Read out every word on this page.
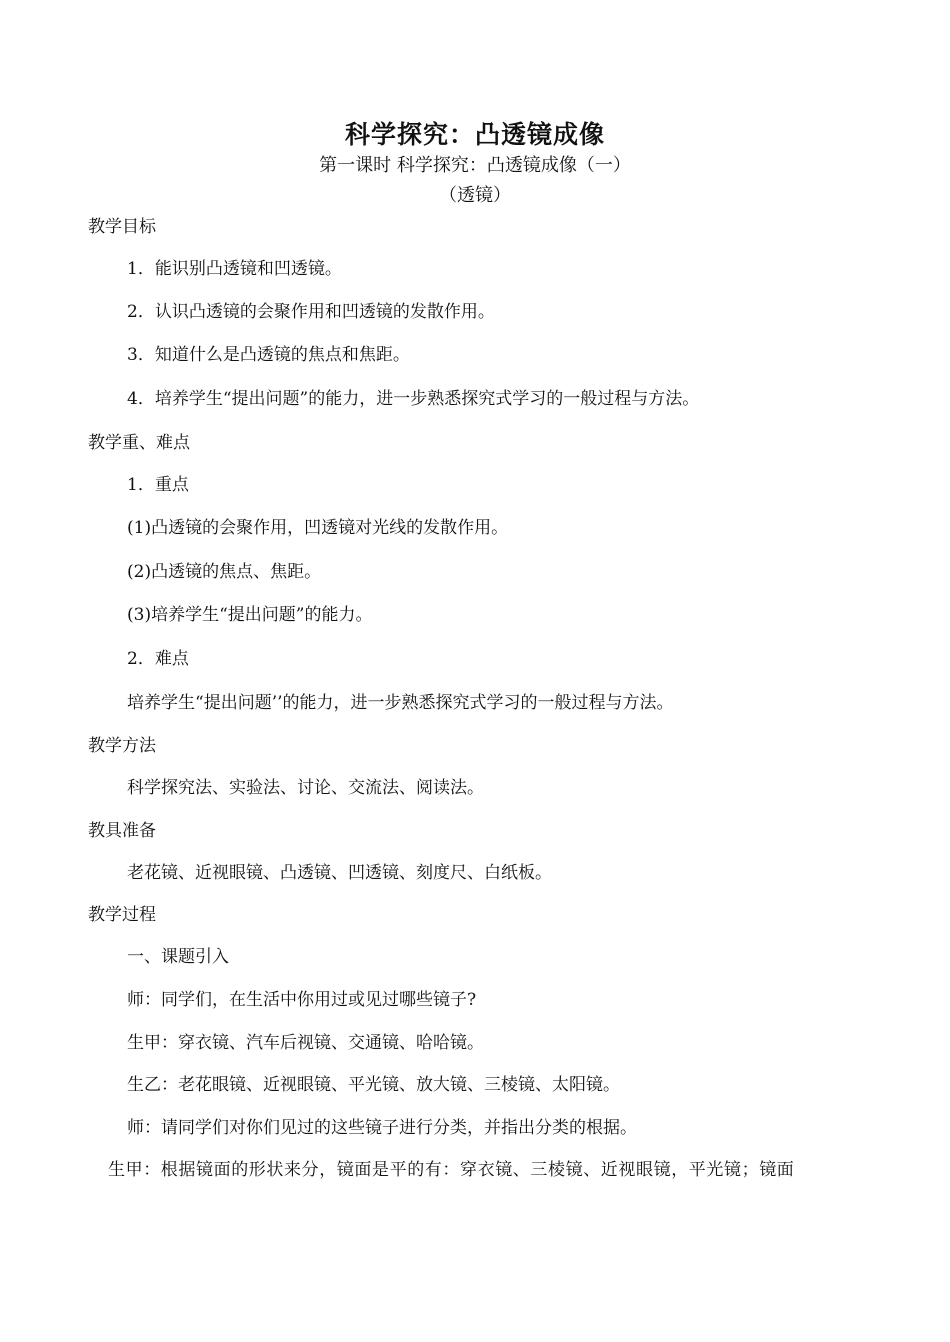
科学探究：凸透镜成像
第一课时 科学探究：凸透镜成像（一）
（透镜）
教学目标
1．能识别凸透镜和凹透镜。
2．认识凸透镜的会聚作用和凹透镜的发散作用。
3．知道什么是凸透镜的焦点和焦距。
4．培养学生“提出问题”的能力，进一步熟悉探究式学习的一般过程与方法。
教学重、难点
1．重点
(1)凸透镜的会聚作用，凹透镜对光线的发散作用。
(2)凸透镜的焦点、焦距。
(3)培养学生“提出问题”的能力。
2．难点
培养学生“提出问题’’的能力，进一步熟悉探究式学习的一般过程与方法。
教学方法
科学探究法、实验法、讨论、交流法、阅读法。
教具准备
老花镜、近视眼镜、凸透镜、凹透镜、刻度尺、白纸板。
教学过程
一、课题引入
师：同学们，在生活中你用过或见过哪些镜子?
生甲：穿衣镜、汽车后视镜、交通镜、哈哈镜。
生乙：老花眼镜、近视眼镜、平光镜、放大镜、三棱镜、太阳镜。
师：请同学们对你们见过的这些镜子进行分类，并指出分类的根据。
生甲：根据镜面的形状来分，镜面是平的有：穿衣镜、三棱镜、近视眼镜，平光镜；镜面
